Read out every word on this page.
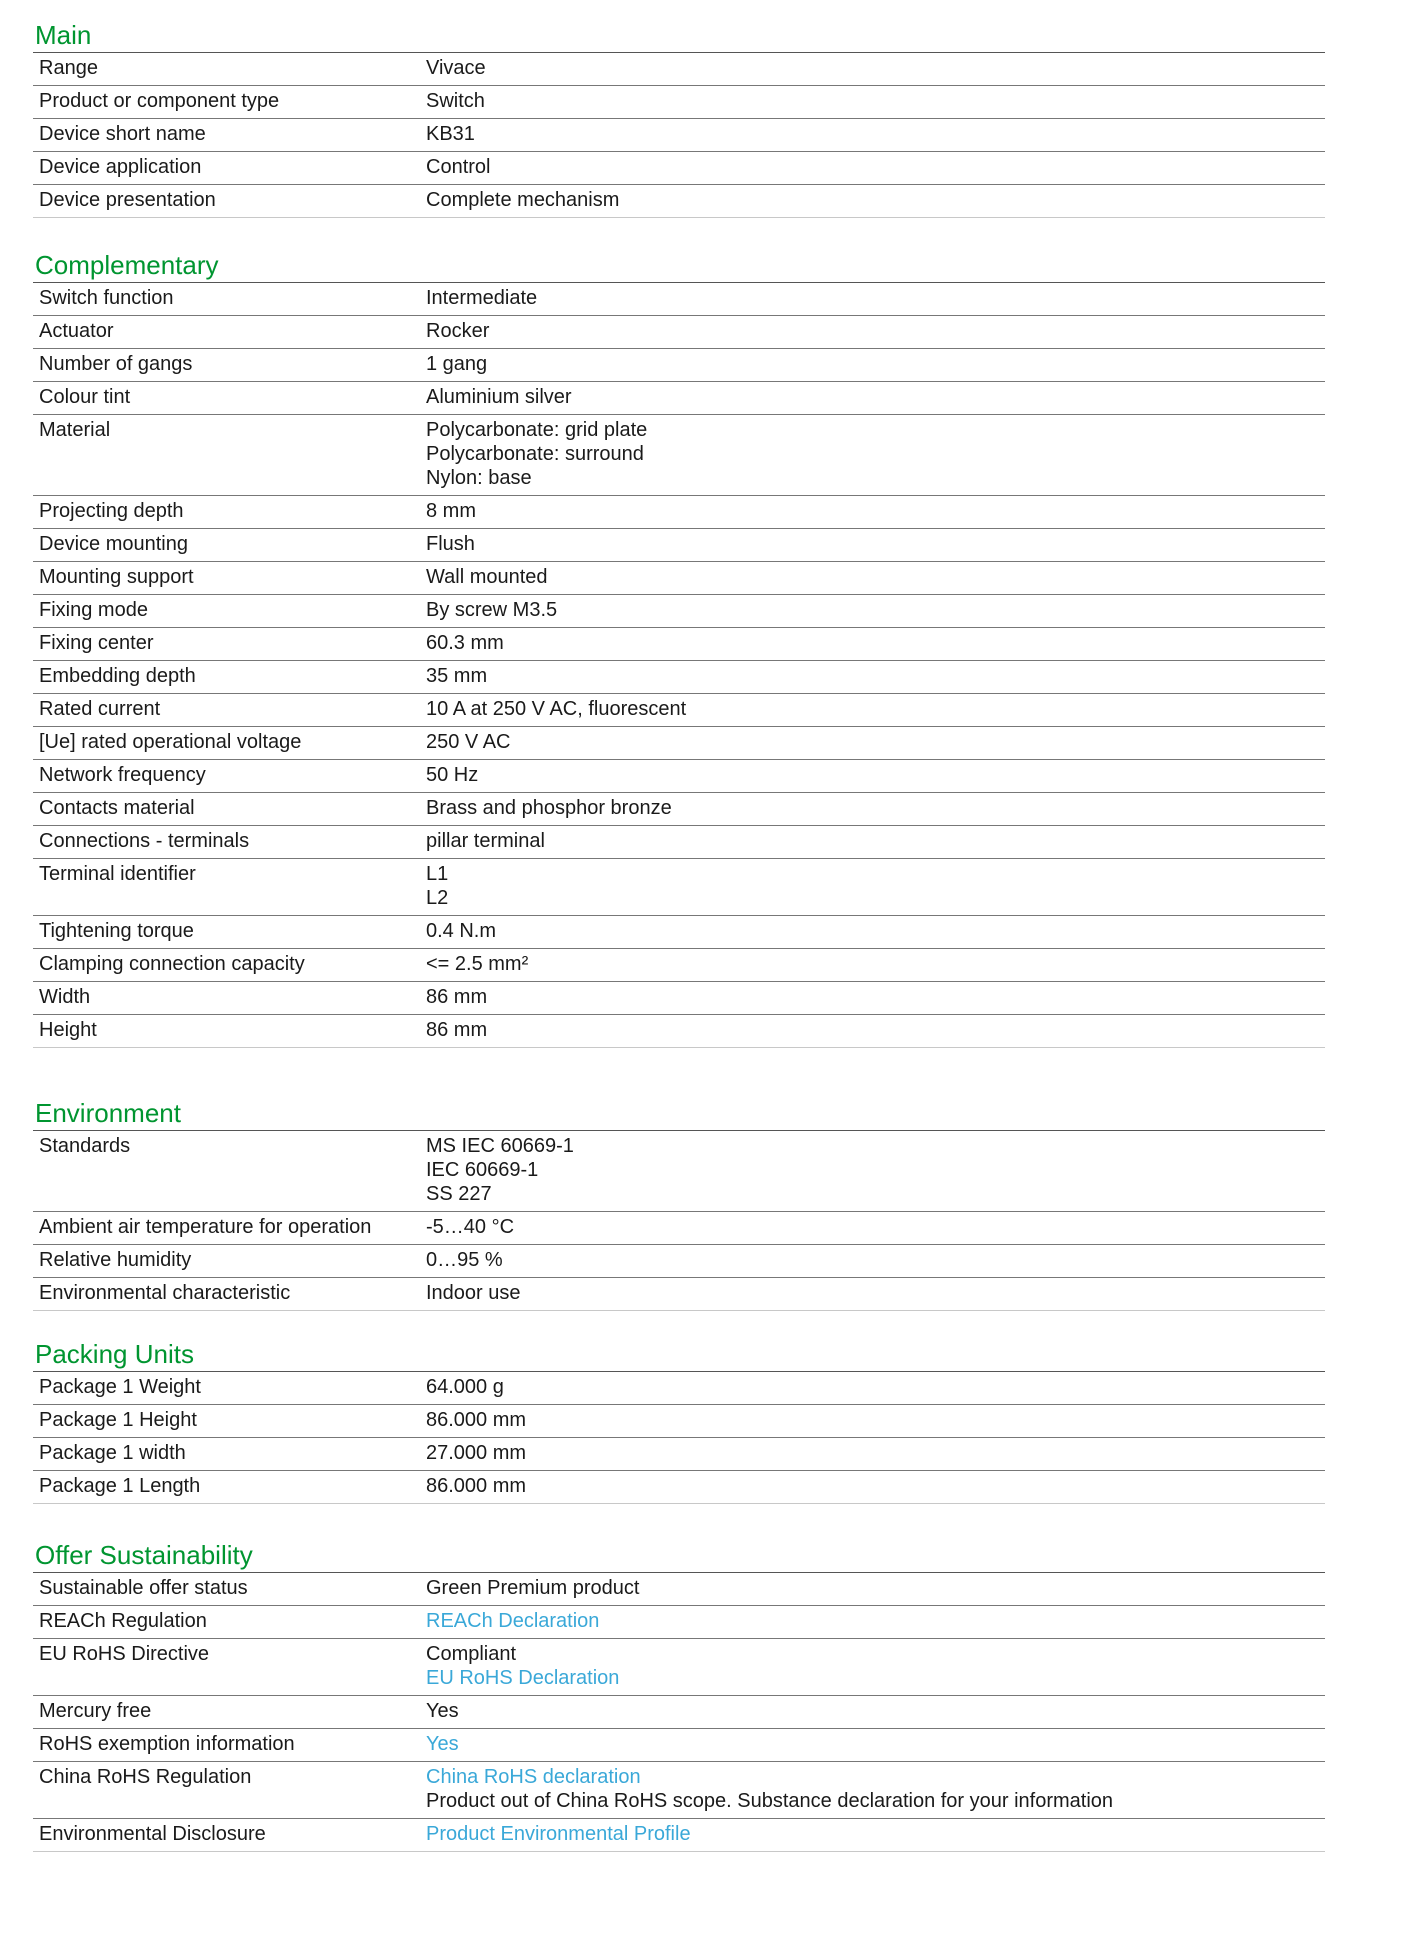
Main
Range	Vivace

Product or component type	Switch

Device short name	KB31

Device application	Control

Device presentation	Complete mechanism
Complementary
Switch function	Intermediate

Actuator	Rocker

Number of gangs	1 gang

Colour tint	Aluminium silver

Material	Polycarbonate: grid plate
Polycarbonate: surround
Nylon: base

Projecting depth	8 mm

Device mounting	Flush

Mounting support	Wall mounted

Fixing mode	By screw M3.5

Fixing center	60.3 mm

Embedding depth	35 mm

Rated current	10 A at 250 V AC, fluorescent

[Ue] rated operational voltage	250 V AC

Network frequency	50 Hz

Contacts material	Brass and phosphor bronze

Connections - terminals	pillar terminal

Terminal identifier	L1
L2

Tightening torque	0.4 N.m

Clamping connection capacity	<= 2.5 mm²

Width	86 mm

Height	86 mm
Environment
Standards	MS IEC 60669-1
IEC 60669-1
SS 227

Ambient air temperature for operation	-5…40 °C

Relative humidity	0…95 %

Environmental characteristic	Indoor use
Packing Units
Package 1 Weight	64.000 g

Package 1 Height	86.000 mm

Package 1 width	27.000 mm

Package 1 Length	86.000 mm
Offer Sustainability
Sustainable offer status	Green Premium product

REACh Regulation	REACh Declaration

EU RoHS Directive	Compliant
EU RoHS Declaration

Mercury free	Yes

RoHS exemption information	Yes

China RoHS Regulation	China RoHS declaration
Product out of China RoHS scope. Substance declaration for your information

Environmental Disclosure	Product Environmental Profile
